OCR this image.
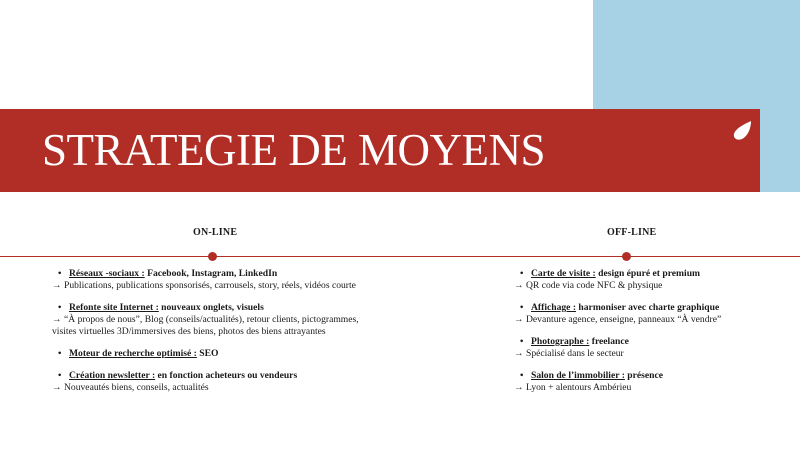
STRATEGIE DE MOYENS
ON-LINE	OFF-LINE
• Réseaux -sociaux : Facebook, Instagram, LinkedIn
→ Publications, publications sponsorisés, carrousels, story, réels, vidéos courte
• Refonte site Internet : nouveaux onglets, visuels
→ “À propos de nous”, Blog (conseils/actualités), retour clients, pictogrammes,
visites virtuelles 3D/immersives des biens, photos des biens attrayantes
• Moteur de recherche optimisé : SEO
• Création newsletter : en fonction acheteurs ou vendeurs
→ Nouveautés biens, conseils, actualités
• Carte de visite : design épuré et premium
→ QR code via code NFC & physique
• Affichage : harmoniser avec charte graphique
→ Devanture agence, enseigne, panneaux “À vendre”
• Photographe : freelance
→ Spécialisé dans le secteur
• Salon de l’immobilier : présence
→ Lyon + alentours Ambérieu
